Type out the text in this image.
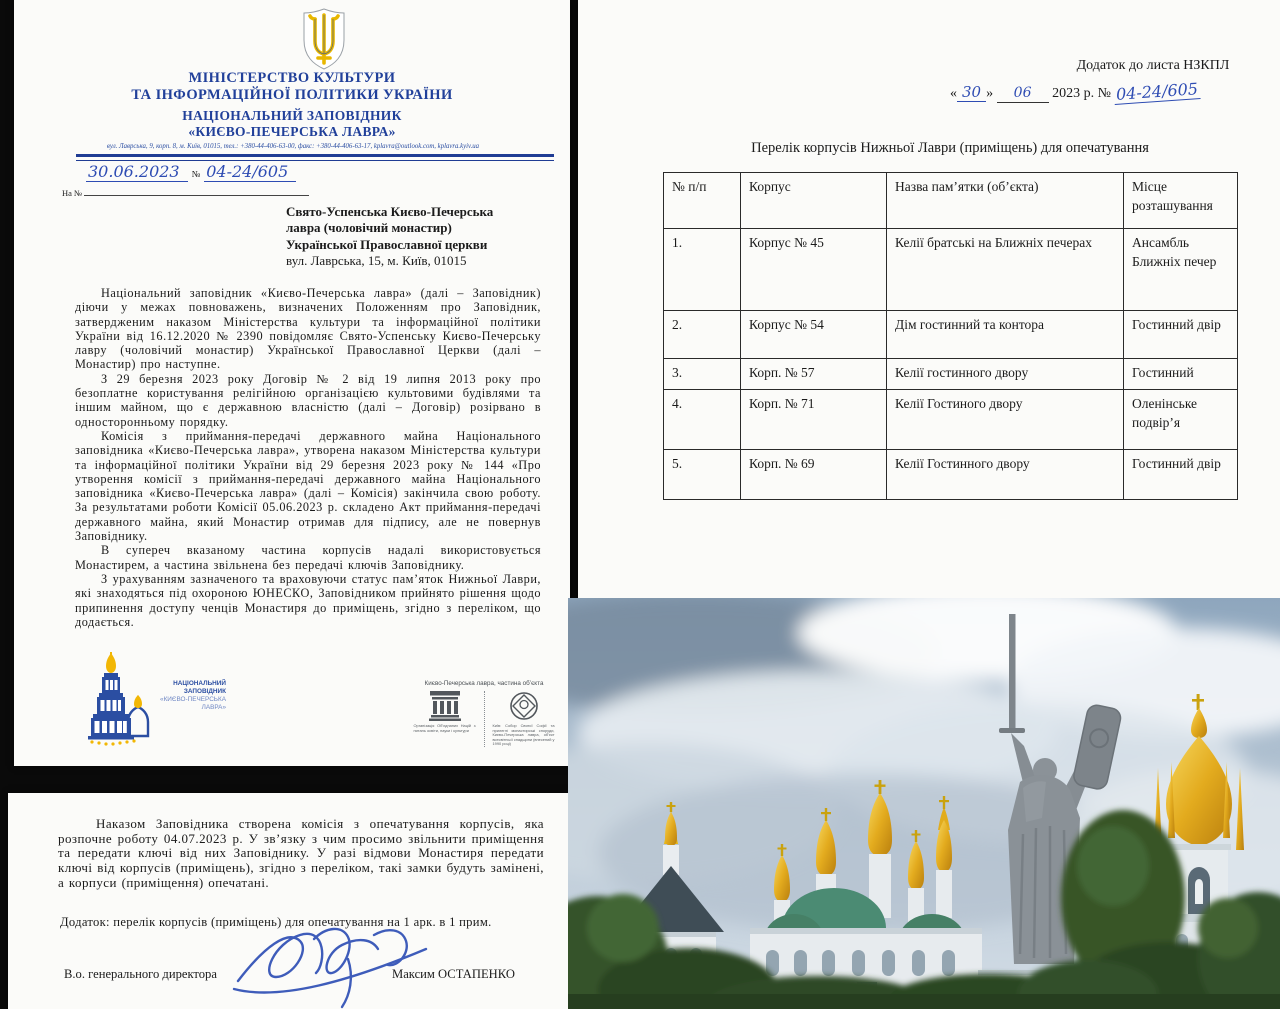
МІНІСТЕРСТВО КУЛЬТУРИ
ТА ІНФОРМАЦІЙНОЇ ПОЛІТИКИ УКРАЇНИ
НАЦІОНАЛЬНИЙ ЗАПОВІДНИК
«КИЄВО-ПЕЧЕРСЬКА ЛАВРА»
вул. Лаврська, 9, корп. 8, м. Київ, 01015, тел.: +380-44-406-63-00, факс: +380-44-406-63-17, kplavra@outlook.com, kplavra.kyiv.ua
30.06.2023 № 04-24/605
На №
Свято-Успенська Києво-Печерська
лавра (чоловічий монастир)
Української Православної церкви
вул. Лаврська, 15, м. Київ, 01015

Національний заповідник «Києво-Печерська лавра» (далі – Заповідник) діючи у межах повноважень, визначених Положенням про Заповідник, затвердженим наказом Міністерства культури та інформаційної політики України від 16.12.2020 № 2390 повідомляє Свято-Успенську Києво-Печерську лавру (чоловічий монастир) Української Православної Церкви (далі – Монастир) про наступне.

З 29 березня 2023 року Договір № 2 від 19 липня 2013 року про безоплатне користування релігійною організацією культовими будівлями та іншим майном, що є державною власністю (далі – Договір) розірвано в односторонньому порядку.

Комісія з приймання-передачі державного майна Національного заповідника «Києво-Печерська лавра», утворена наказом Міністерства культури та інформаційної політики України від 29 березня 2023 року № 144 «Про утворення комісії з приймання-передачі державного майна Національного заповідника «Києво-Печерська лавра» (далі – Комісія) закінчила свою роботу. За результатами роботи Комісії 05.06.2023 р. складено Акт приймання-передачі державного майна, який Монастир отримав для підпису, але не повернув Заповіднику.

В супереч вказаному частина корпусів надалі використовується Монастирем, а частина звільнена без передачі ключів Заповіднику.

З урахуванням зазначеного та враховуючи статус пам’яток Нижньої Лаври, які знаходяться під охороною ЮНЕСКО, Заповідником прийнято рішення щодо припинення доступу ченців Монастиря до приміщень, згідно з переліком, що додається.

НАЦІОНАЛЬНИЙ
ЗАПОВІДНИК
«КИЄВО-ПЕЧЕРСЬКА
ЛАВРА»
Києво-Печерська лавра, частина об’єкта
Організація Об’єднаних Націй з питань освіти, науки і культури
Київ: Собор Святої Софії та прилеглі монастирські споруди, Києво-Печерська лавра, об’єкт всесвітньої спадщини (внесений у 1990 році)

Наказом Заповідника створена комісія з опечатування корпусів, яка розпочне роботу 04.07.2023 р. У зв’язку з чим просимо звільнити приміщення та передати ключі від них Заповіднику. У разі відмови Монастиря передати ключі від корпусів (приміщень), згідно з переліком, такі замки будуть замінені, а корпуси (приміщення) опечатані.

Додаток: перелік корпусів (приміщень) для опечатування на 1 арк. в 1 прим.
В.о. генерального директора	Максим ОСТАПЕНКО
Додаток до листа НЗКПЛ
« 30 » 06 2023 р. № 04-24/605
Перелік корпусів Нижньої Лаври (приміщень) для опечатування
№ п/п	Корпус	Назва пам’ятки (об’єкта)	Місце розташування
1.	Корпус № 45	Келії братські на Ближніх печерах	Ансамбль Ближніх печер
2.	Корпус № 54	Дім гостинний та контора	Гостинний двір
3.	Корп. № 57	Келії гостинного двору	Гостинний
4.	Корп. № 71	Келії Гостиного двору	Оленінське подвір’я
5.	Корп. № 69	Келії Гостинного двору	Гостинний двір
